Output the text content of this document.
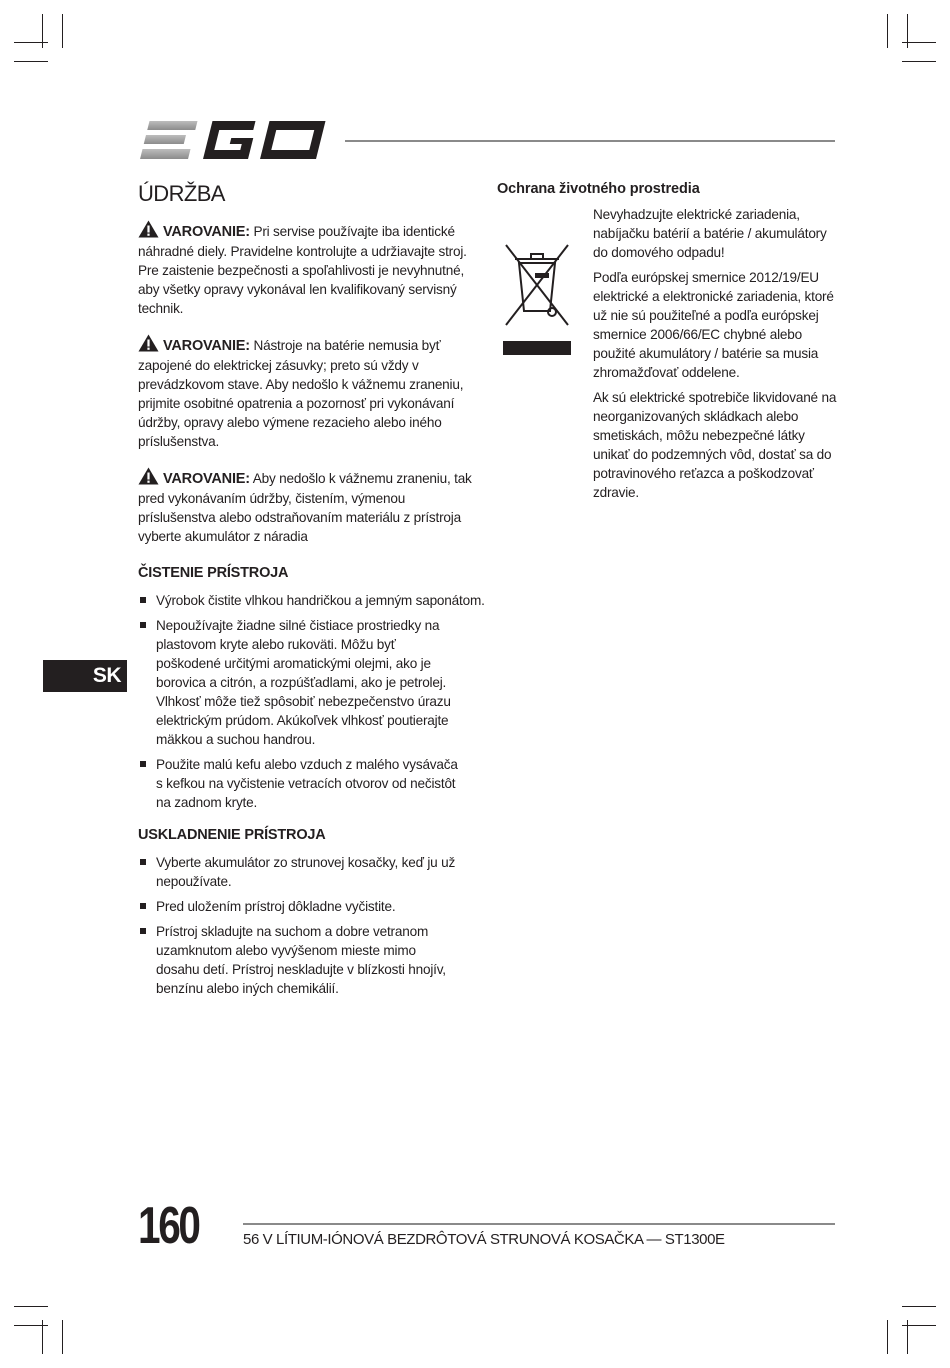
ÚDRŽBA
VAROVANIE: Pri servise používajte iba identické náhradné diely. Pravidelne kontrolujte a udržiavajte stroj. Pre zaistenie bezpečnosti a spoľahlivosti je nevyhnutné, aby všetky opravy vykonával len kvalifikovaný servisný technik.
VAROVANIE: Nástroje na batérie nemusia byť zapojené do elektrickej zásuvky; preto sú vždy v prevádzkovom stave. Aby nedošlo k vážnemu zraneniu, prijmite osobitné opatrenia a pozornosť pri vykonávaní údržby, opravy alebo výmene rezacieho alebo iného príslušenstva.
VAROVANIE: Aby nedošlo k vážnemu zraneniu, tak pred vykonávaním údržby, čistením, výmenou príslušenstva alebo odstraňovaním materiálu z prístroja vyberte akumulátor z náradia
ČISTENIE PRÍSTROJA
Výrobok čistite vlhkou handričkou a jemným saponátom.
Nepoužívajte žiadne silné čistiace prostriedky na plastovom kryte alebo rukoväti. Môžu byť poškodené určitými aromatickými olejmi, ako je borovica a citrón, a rozpúšťadlami, ako je petrolej. Vlhkosť môže tiež spôsobiť nebezpečenstvo úrazu elektrickým prúdom. Akúkoľvek vlhkosť poutierajte mäkkou a suchou handrou.
Použite malú kefu alebo vzduch z malého vysávača s kefkou na vyčistenie vetracích otvorov od nečistôt na zadnom kryte.
USKLADNENIE PRÍSTROJA
Vyberte akumulátor zo strunovej kosačky, keď ju už nepoužívate.
Pred uložením prístroj dôkladne vyčistite.
Prístroj skladujte na suchom a dobre vetranom uzamknutom alebo vyvýšenom mieste mimo dosahu detí. Prístroj neskladujte v blízkosti hnojív, benzínu alebo iných chemikálií.
Ochrana životného prostredia

Nevyhadzujte elektrické zariadenia, nabíjačku batérií a batérie / akumulátory do domového odpadu!

Podľa európskej smernice 2012/19/EU elektrické a elektronické zariadenia, ktoré už nie sú použiteľné a podľa európskej smernice 2006/66/EC chybné alebo použité akumulátory / batérie sa musia zhromažďovať oddelene.

Ak sú elektrické spotrebiče likvidované na neorganizovaných skládkach alebo smetiskách, môžu nebezpečné látky unikať do podzemných vôd, dostať sa do potravinového reťazca a poškodzovať zdravie.

SK
160	56 V LÍTIUM-IÓNOVÁ BEZDRÔTOVÁ STRUNOVÁ KOSAČKA — ST1300E
